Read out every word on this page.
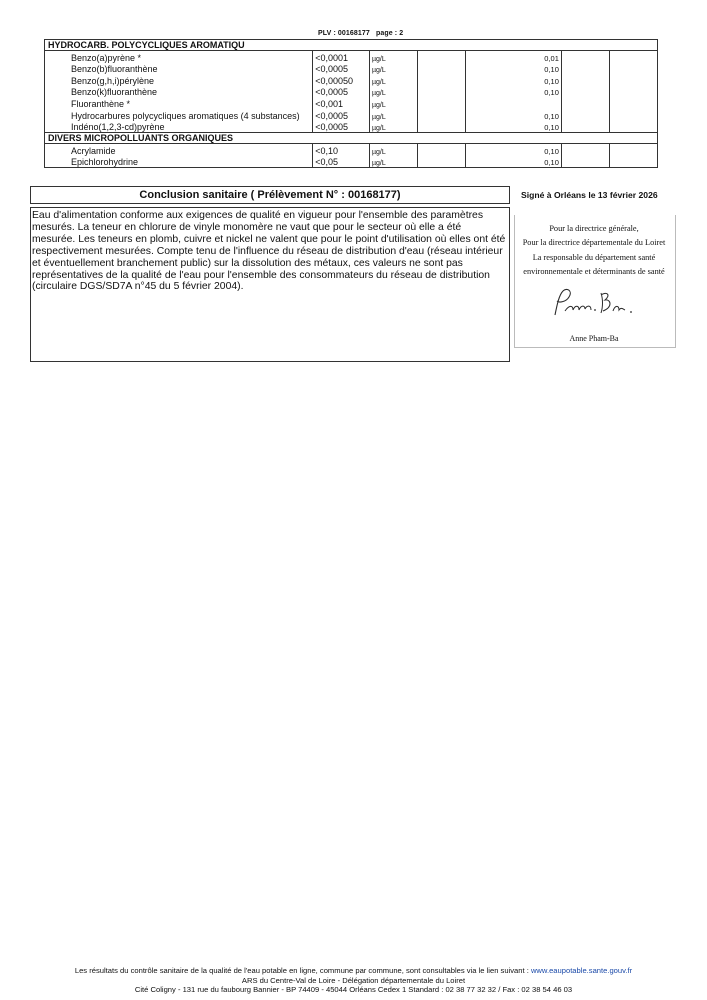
PLV : 00168177 page : 2
HYDROCARB. POLYCYCLIQUES AROMATIQU						
Benzo(a)pyrène *	<0,0001	µg/L		0,01		
Benzo(b)fluoranthène	<0,0005	µg/L		0,10		
Benzo(g,h,i)pérylène	<0,00050	µg/L		0,10		
Benzo(k)fluoranthène	<0,0005	µg/L		0,10		
Fluoranthène *	<0,001	µg/L				
Hydrocarbures polycycliques aromatiques (4 substances)	<0,0005	µg/L		0,10		
Indéno(1,2,3-cd)pyrène	<0,0005	µg/L		0,10		
DIVERS MICROPOLLUANTS ORGANIQUES						
Acrylamide	<0,10	µg/L		0,10		
Epichlorohydrine	<0,05	µg/L		0,10		
Conclusion sanitaire ( Prélèvement N° : 00168177)
Eau d'alimentation conforme aux exigences de qualité en vigueur pour l'ensemble des paramètres mesurés. La teneur en chlorure de vinyle monomère ne vaut que pour le secteur où elle a été mesurée. Les teneurs en plomb, cuivre et nickel ne valent que pour le point d'utilisation où elles ont été respectivement mesurées. Compte tenu de l'influence du réseau de distribution d'eau (réseau intérieur et éventuellement branchement public) sur la dissolution des métaux, ces valeurs ne sont pas représentatives de la qualité de l'eau pour l'ensemble des consommateurs du réseau de distribution (circulaire DGS/SD7A n°45 du 5 février 2004).
Signé à Orléans le 13 février 2026
Pour la directrice générale,
Pour la directrice départementale du Loiret
La responsable du département santé
environnementale et déterminants de santé
Anne Pham-Ba
Les résultats du contrôle sanitaire de la qualité de l'eau potable en ligne, commune par commune, sont consultables via le lien suivant : www.eaupotable.sante.gouv.fr
ARS du Centre-Val de Loire - Délégation départementale du Loiret
Cité Coligny - 131 rue du faubourg Bannier - BP 74409 - 45044 Orléans Cedex 1 Standard : 02 38 77 32 32 / Fax : 02 38 54 46 03
